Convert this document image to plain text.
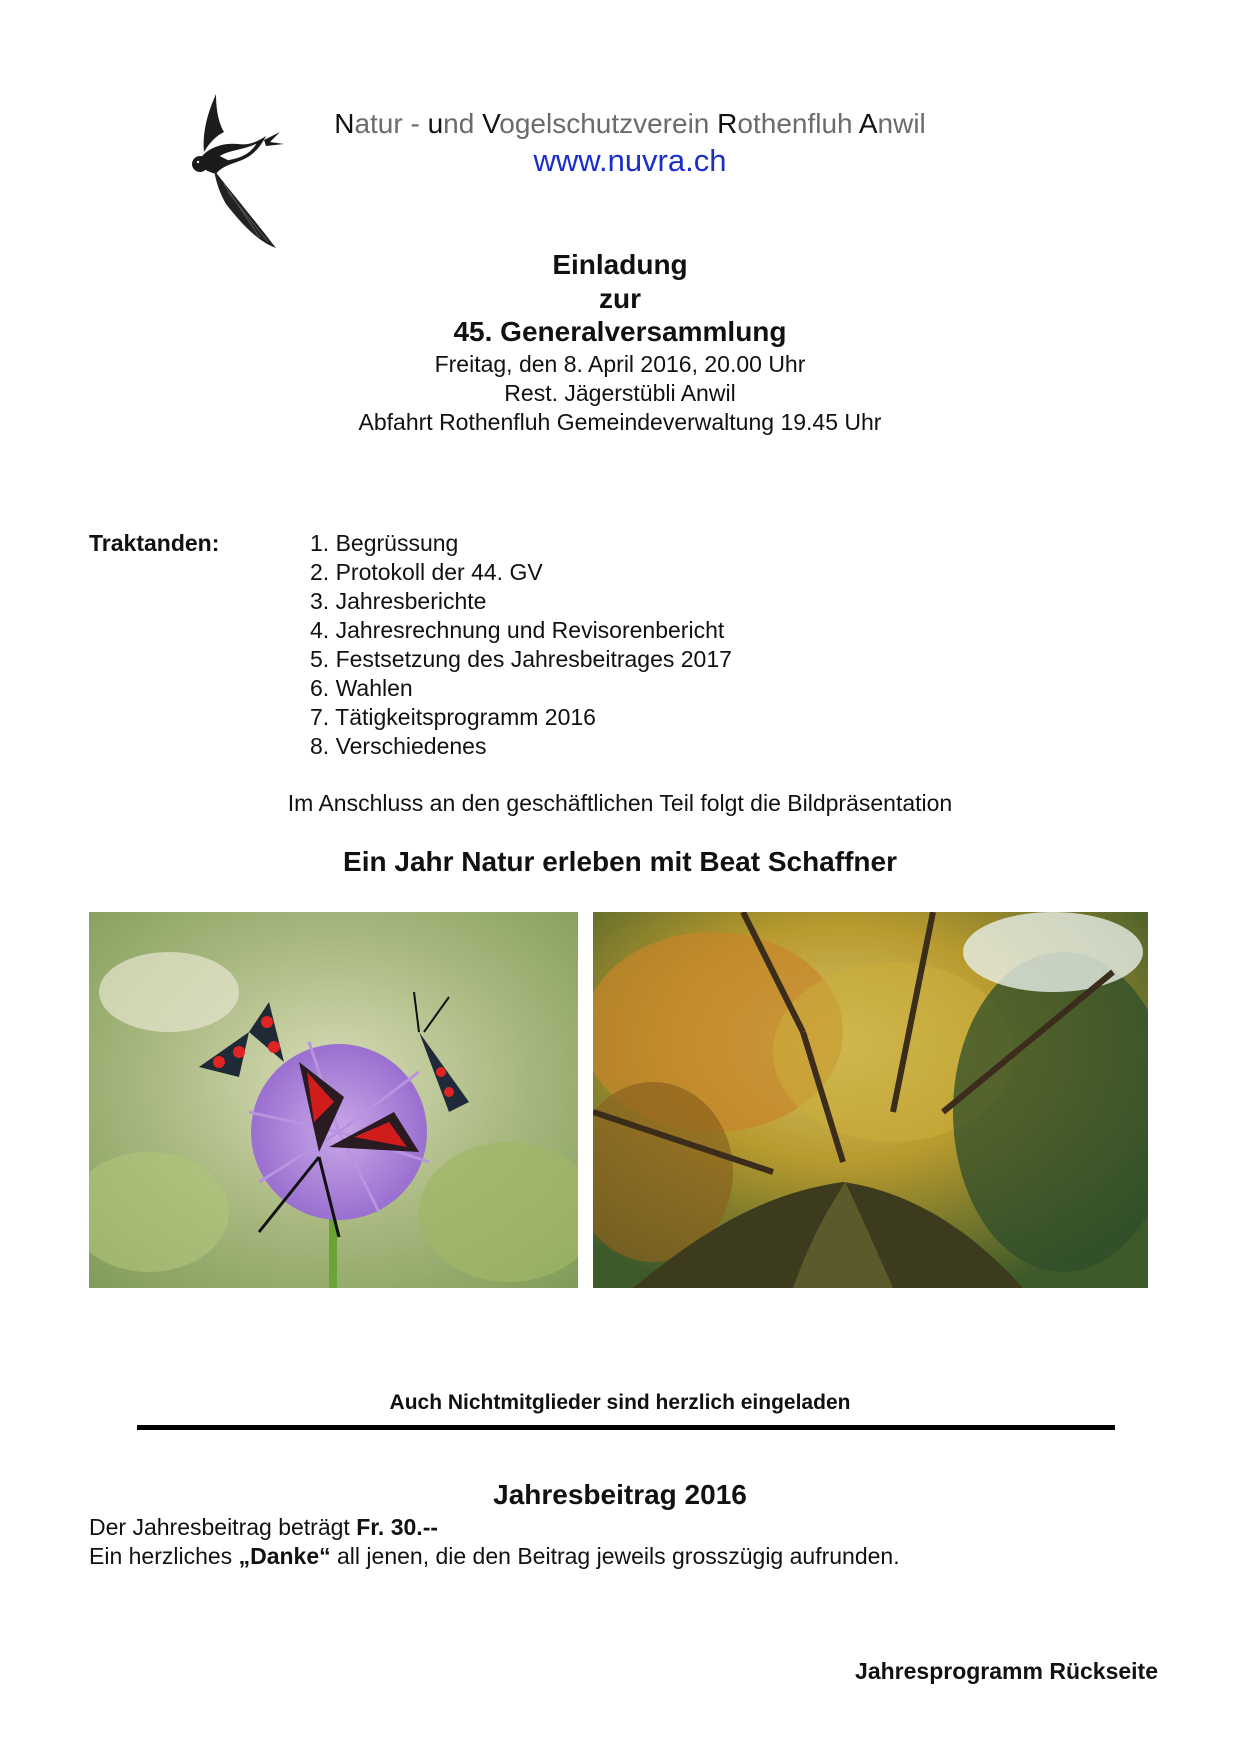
Natur - und Vogelschutzverein Rothenfluh Anwil
www.nuvra.ch
Einladung
zur
45. Generalversammlung
Freitag, den 8. April 2016, 20.00 Uhr
Rest. Jägerstübli Anwil
Abfahrt Rothenfluh Gemeindeverwaltung 19.45 Uhr
Traktanden:	1. Begrüssung
2. Protokoll der 44. GV
3. Jahresberichte
4. Jahresrechnung und Revisorenbericht
5. Festsetzung des Jahresbeitrages 2017
6. Wahlen
7. Tätigkeitsprogramm 2016
8. Verschiedenes
Im Anschluss an den geschäftlichen Teil folgt die Bildpräsentation
Ein Jahr Natur erleben mit Beat Schaffner
Auch Nichtmitglieder sind herzlich eingeladen
Jahresbeitrag 2016
Der Jahresbeitrag beträgt Fr. 30.--
Ein herzliches „Danke“ all jenen, die den Beitrag jeweils grosszügig aufrunden.
Jahresprogramm Rückseite
